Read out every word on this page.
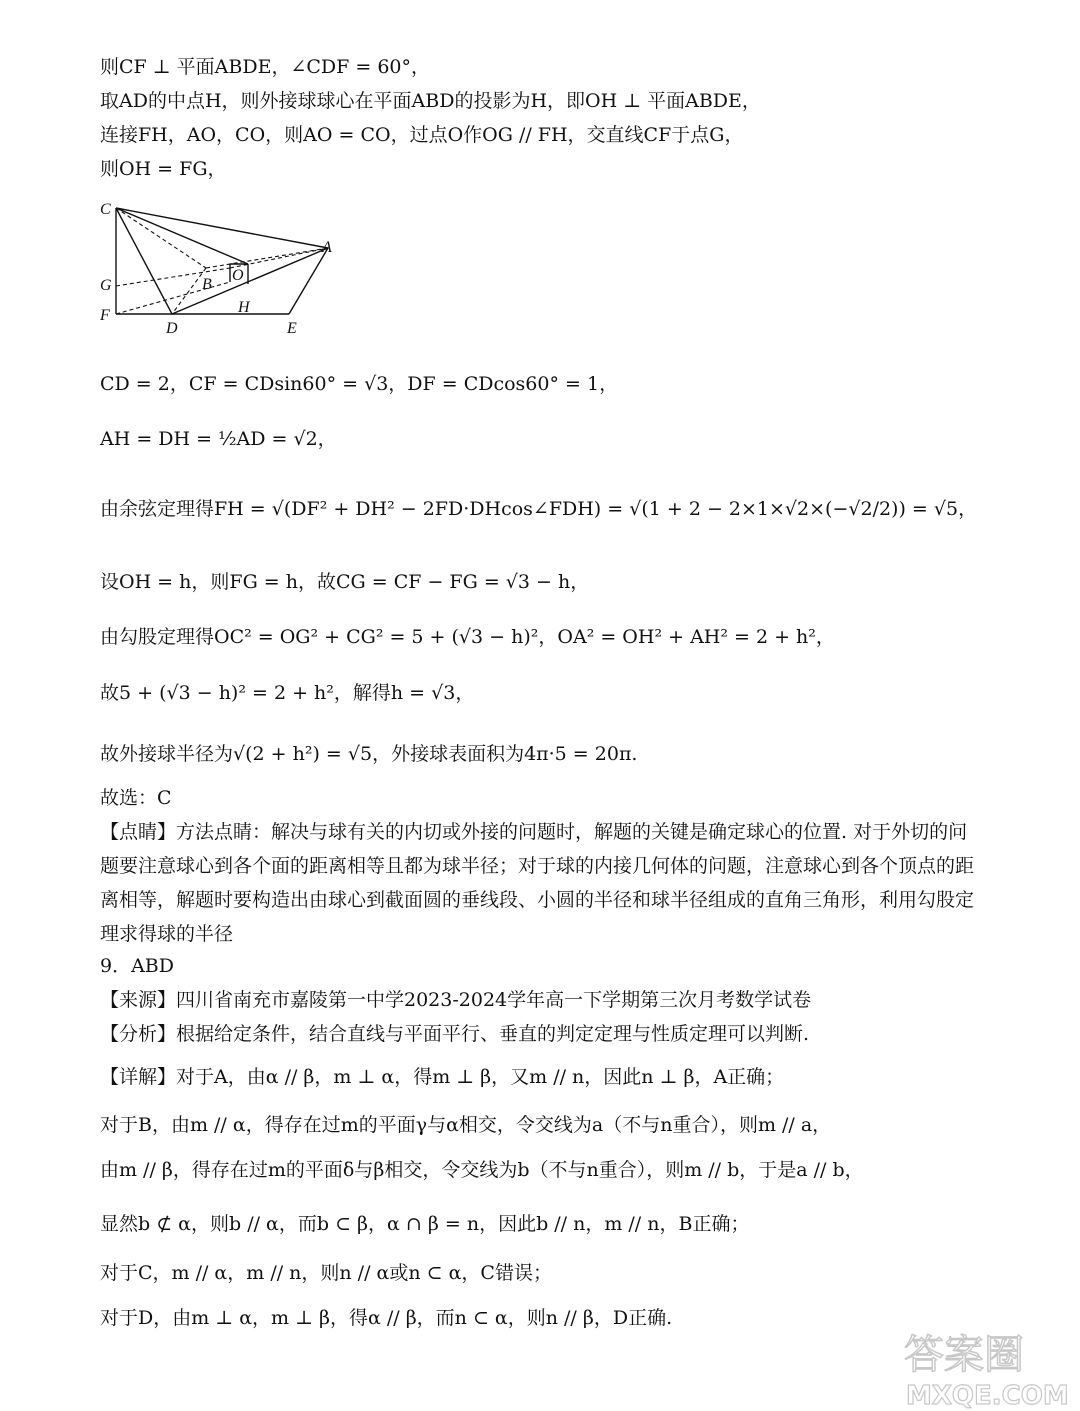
则CF ⊥ 平面ABDE，∠CDF = 60°，
取AD的中点H，则外接球球心在平面ABD的投影为H，即OH ⊥ 平面ABDE，
连接FH，AO，CO，则AO = CO，过点O作OG // FH，交直线CF于点G，
则OH = FG，
C
G
F
D
B
O
H
E
A
CD = 2，CF = CDsin60° = √3，DF = CDcos60° = 1，
AH = DH = ½AD = √2，
由余弦定理得FH = √(DF² + DH² − 2FD·DHcos∠FDH) = √(1 + 2 − 2×1×√2×(−√2/2)) = √5，
设OH = h，则FG = h，故CG = CF − FG = √3 − h，
由勾股定理得OC² = OG² + CG² = 5 + (√3 − h)²，OA² = OH² + AH² = 2 + h²，
故5 + (√3 − h)² = 2 + h²，解得h = √3，
故外接球半径为√(2 + h²) = √5，外接球表面积为4π·5 = 20π.
故选：C
【点睛】方法点睛：解决与球有关的内切或外接的问题时，解题的关键是确定球心的位置. 对于外切的问题要注意球心到各个面的距离相等且都为球半径；对于球的内接几何体的问题，注意球心到各个顶点的距离相等，解题时要构造出由球心到截面圆的垂线段、小圆的半径和球半径组成的直角三角形，利用勾股定理求得球的半径
9．ABD
【来源】四川省南充市嘉陵第一中学2023-2024学年高一下学期第三次月考数学试卷
【分析】根据给定条件，结合直线与平面平行、垂直的判定定理与性质定理可以判断.
【详解】对于A，由α // β，m ⊥ α，得m ⊥ β，又m // n，因此n ⊥ β，A正确；
对于B，由m // α，得存在过m的平面γ与α相交，令交线为a（不与n重合），则m // a，
由m // β，得存在过m的平面δ与β相交，令交线为b（不与n重合），则m // b，于是a // b，
显然b ⊄ α，则b // α，而b ⊂ β，α ∩ β = n，因此b // n，m // n，B正确；
对于C，m // α，m // n，则n // α或n ⊂ α，C错误；
对于D，由m ⊥ α，m ⊥ β，得α // β，而n ⊂ α，则n // β，D正确.
答案圈
MXQE.COM
